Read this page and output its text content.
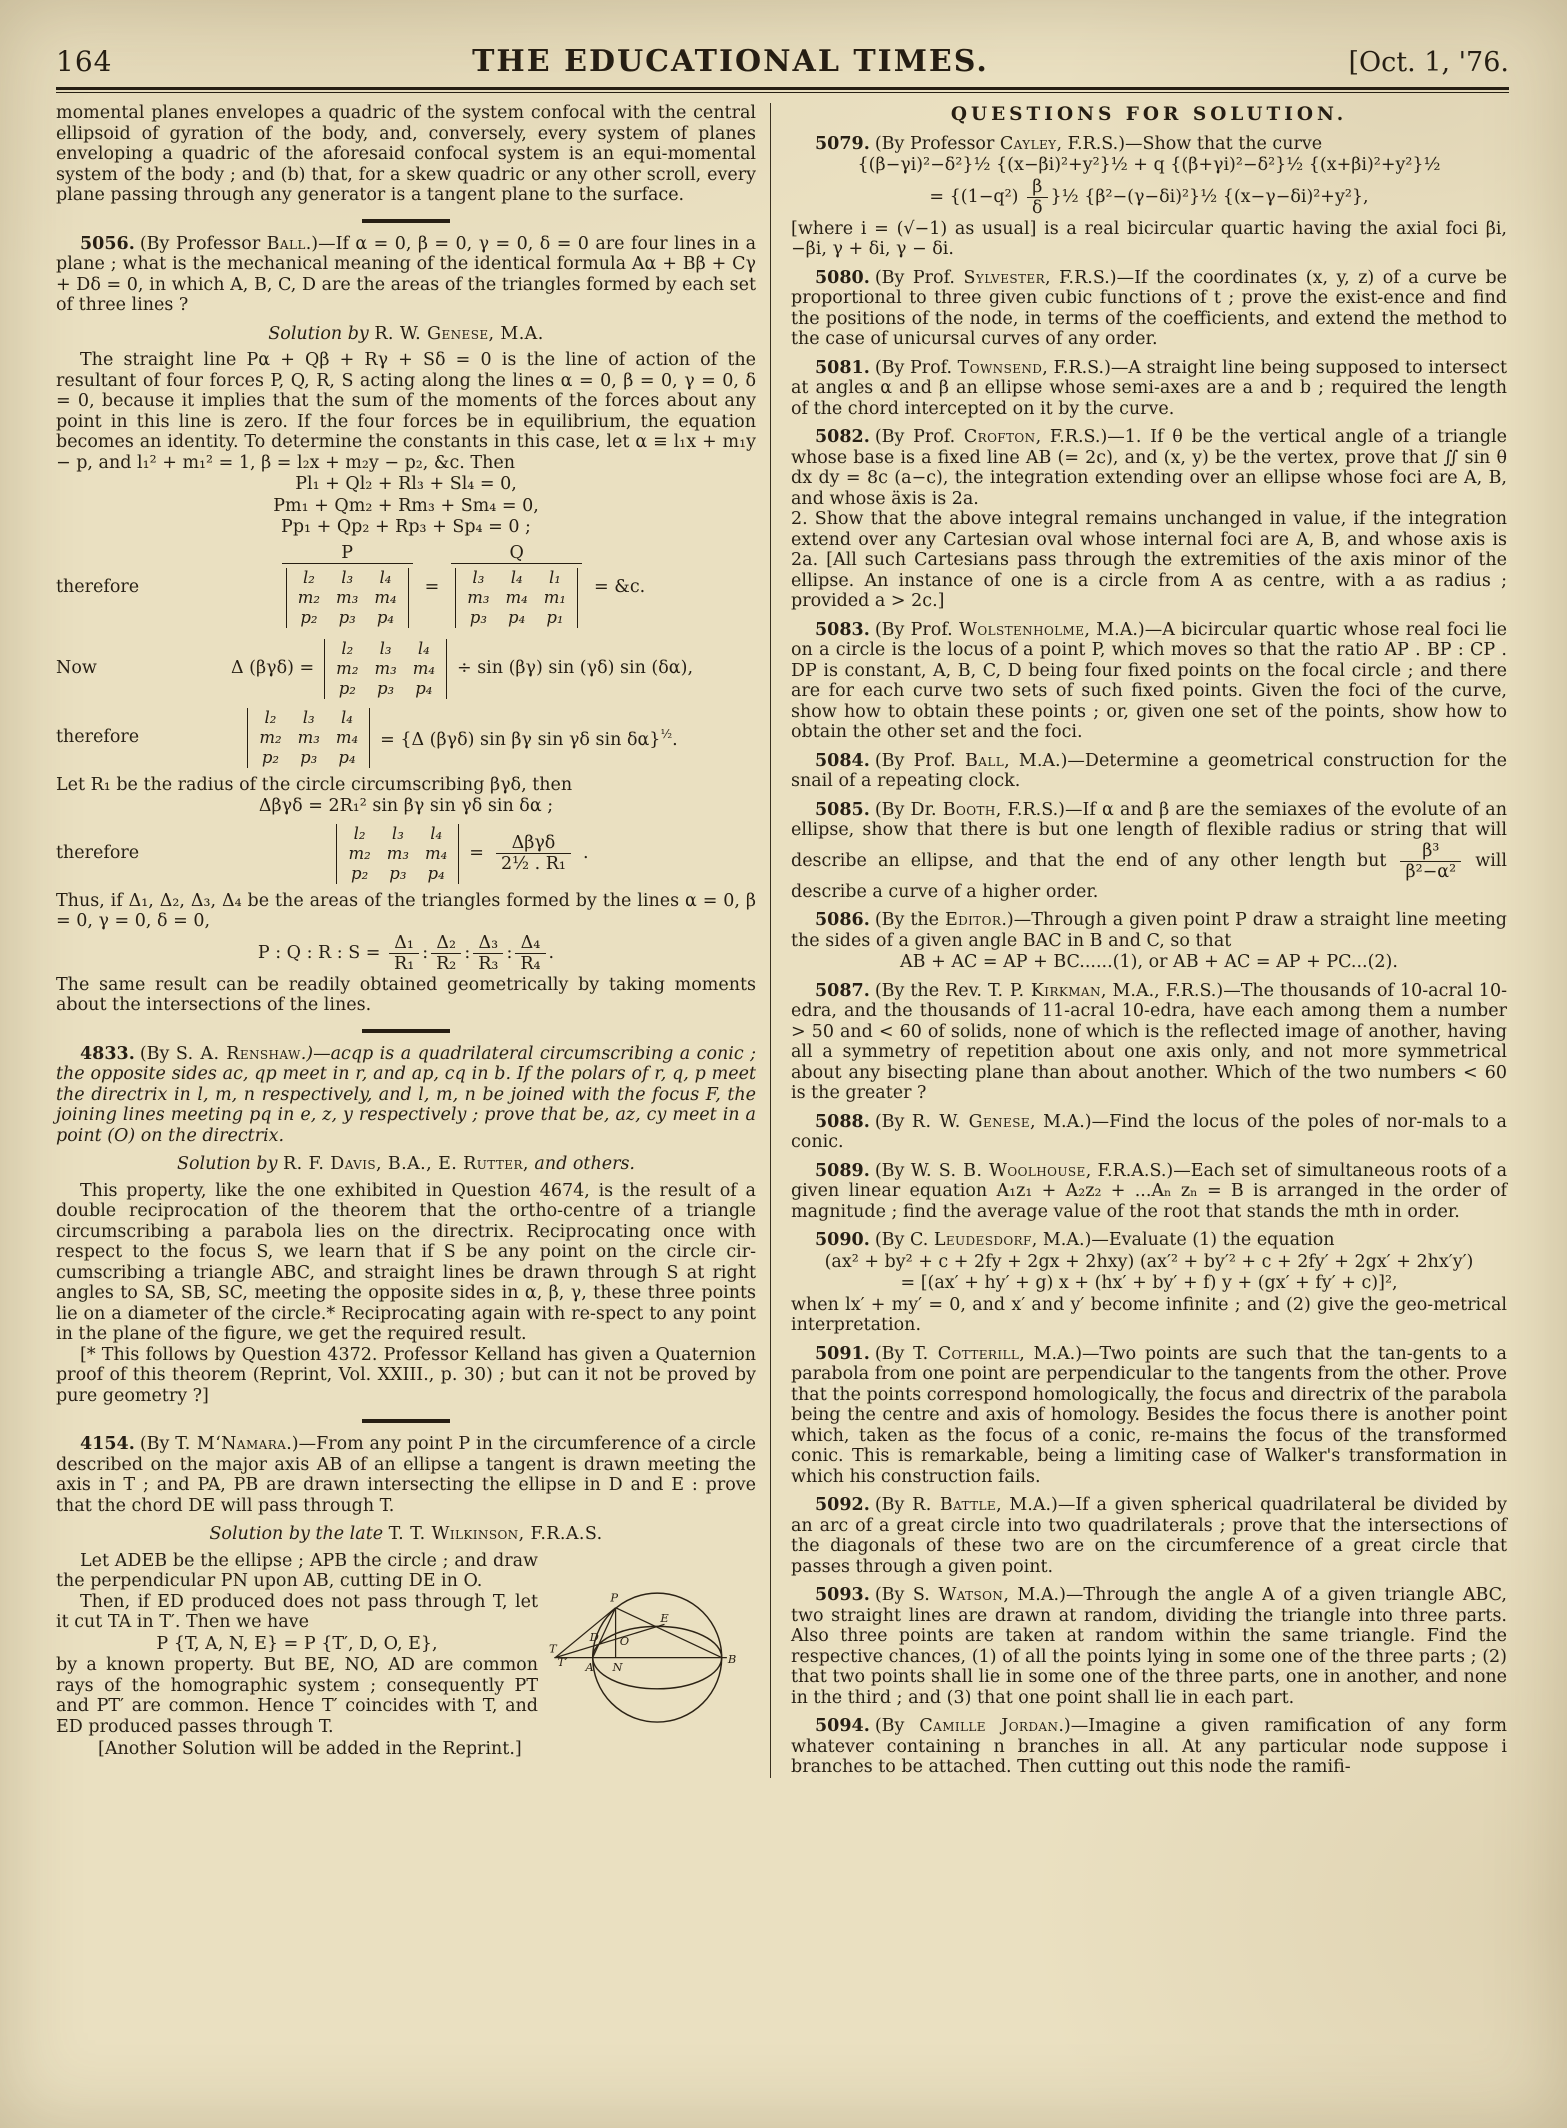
164	THE EDUCATIONAL TIMES.	[Oct. 1, '76.

momental planes envelopes a quadric of the system confocal with the central ellipsoid of gyration of the body, and, conversely, every system of planes enveloping a quadric of the aforesaid confocal system is an equi-momental system of the body ; and (b) that, for a skew quadric or any other scroll, every plane passing through any generator is a tangent plane to the surface.

5056. (By Professor Ball.)—If α = 0, β = 0, γ = 0, δ = 0 are four lines in a plane ; what is the mechanical meaning of the identical formula Aα + Bβ + Cγ + Dδ = 0, in which A, B, C, D are the areas of the triangles formed by each set of three lines ?

Solution by R. W. Genese, M.A.

The straight line Pα + Qβ + Rγ + Sδ = 0 is the line of action of the resultant of four forces P, Q, R, S acting along the lines α = 0, β = 0, γ = 0, δ = 0, because it implies that the sum of the moments of the forces about any point in this line is zero. If the four forces be in equilibrium, the equation becomes an identity. To determine the constants in this case, let α ≡ l₁x + m₁y − p, and l₁² + m₁² = 1, β = l₂x + m₂y − p₂, &c. Then

Pl₁ + Ql₂ + Rl₃ + Sl₄ = 0,
Pm₁ + Qm₂ + Rm₃ + Sm₄ = 0,
Pp₁ + Qp₂ + Rp₃ + Sp₄ = 0 ;
therefore	P
l₂	l₃	l₄
m₂	m₃	m₄
p₂	p₃	p₄ = Q
l₃	l₄	l₁
m₃	m₄	m₁
p₃	p₄	p₁ = &c.
Now	Δ (βγδ) =
l₂	l₃	l₄
m₂	m₃	m₄
p₂	p₃	p₄
÷ sin (βγ) sin (γδ) sin (δα),
therefore
l₂	l₃	l₄
m₂	m₃	m₄
p₂	p₃	p₄
= {Δ (βγδ) sin βγ sin γδ sin δα}$^{\frac{1}{2}}$.

Let R₁ be the radius of the circle circumscribing βγδ, then

Δβγδ = 2R₁² sin βγ sin γδ sin δα ;
therefore
l₂	l₃	l₄
m₂	m₃	m₄
p₂	p₃	p₄
= $\frac{\text{Δβγδ}}{\text{2½ . R₁}}$ .

Thus, if Δ₁, Δ₂, Δ₃, Δ₄ be the areas of the triangles formed by the lines α = 0, β = 0, γ = 0, δ = 0,

P : Q : R : $S = \frac{\text{Δ₁}}{\text{R₁}}$ : $\frac{\text{Δ₂}}{\text{R₂}}$ : $\frac{\text{Δ₃}}{\text{R₃}}$ : $\frac{\text{Δ₄}}{\text{R₄}}$ .

The same result can be readily obtained geometrically by taking moments about the intersections of the lines.

4833. (By S. A. Renshaw.)—acqp is a quadrilateral circumscribing a conic ; the opposite sides ac, qp meet in r, and ap, cq in b. If the polars of r, q, p meet the directrix in l, m, n respectively, and l, m, n be joined with the focus F, the joining lines meeting pq in e, z, y respectively ; prove that be, az, cy meet in a point (O) on the directrix.

Solution by R. F. Davis, B.A., E. Rutter, and others.

This property, like the one exhibited in Question 4674, is the result of a double reciprocation of the theorem that the ortho-centre of a triangle circumscribing a parabola lies on the directrix. Reciprocating once with respect to the focus S, we learn that if S be any point on the circle cir-cumscribing a triangle ABC, and straight lines be drawn through S at right angles to SA, SB, SC, meeting the opposite sides in α, β, γ, these three points lie on a diameter of the circle.* Reciprocating again with re-spect to any point in the plane of the figure, we get the required result.

[* This follows by Question 4372. Professor Kelland has given a Quaternion proof of this theorem (Reprint, Vol. XXIII., p. 30) ; but can it not be proved by pure geometry ?]

4154. (By T. M‘Namara.)—From any point P in the circumference of a circle described on the major axis AB of an ellipse a tangent is drawn meeting the axis in T ; and PA, PB are drawn intersecting the ellipse in D and E : prove that the chord DE will pass through T.

Solution by the late T. T. Wilkinson, F.R.A.S.

P
E
B
A N
O
D
T
T′

Let ADEB be the ellipse ; APB the circle ; and draw the perpendicular PN upon AB, cutting DE in O.

Then, if ED produced does not pass through T, let it cut TA in T′. Then we have

P {T, A, N, E} = P {T′, D, O, E},

by a known property. But BE, NO, AD are common rays of the homographic system ; consequently PT and PT′ are common. Hence T′ coincides with T, and ED produced passes through T.

[Another Solution will be added in the Reprint.]

QUESTIONS FOR SOLUTION.

5079. (By Professor Cayley, F.R.S.)—Show that the curve

{(β−γi)²−δ²}½ {(x−βi)²+y²}½ + q {(β+γi)²−δ²}½ {(x+βi)²+y²}½
= {$(1-q^2) \frac{\beta}{\delta}$ }½ {β²−(γ−δi)²}½ {(x−γ−δi)²+y²},

[where i = (√−1) as usual] is a real bicircular quartic having the axial foci βi, −βi, γ + δi, γ − δi.

5080. (By Prof. Sylvester, F.R.S.)—If the coordinates (x, y, z) of a curve be proportional to three given cubic functions of t ; prove the exist-ence and find the positions of the node, in terms of the coefficients, and extend the method to the case of unicursal curves of any order.

5081. (By Prof. Townsend, F.R.S.)—A straight line being supposed to intersect at angles α and β an ellipse whose semi-axes are a and b ; required the length of the chord intercepted on it by the curve.

5082. (By Prof. Crofton, F.R.S.)—1. If θ be the vertical angle of a triangle whose base is a fixed line AB (= 2c), and (x, y) be the vertex, prove that ∬ sin θ dx dy = 8c (a−c), the integration extending over an ellipse whose foci are A, B, and whose äxis is 2a.

2. Show that the above integral remains unchanged in value, if the integration extend over any Cartesian oval whose internal foci are A, B, and whose axis is 2a. [All such Cartesians pass through the extremities of the axis minor of the ellipse. An instance of one is a circle from A as centre, with a as radius ; provided a > 2c.]

5083. (By Prof. Wolstenholme, M.A.)—A bicircular quartic whose real foci lie on a circle is the locus of a point P, which moves so that the ratio AP . BP : CP . DP is constant, A, B, C, D being four fixed points on the focal circle ; and there are for each curve two sets of such fixed points. Given the foci of the curve, show how to obtain these points ; or, given one set of the points, show how to obtain the other set and the foci.

5084. (By Prof. Ball, M.A.)—Determine a geometrical construction for the snail of a repeating clock.

5085. (By Dr. Booth, F.R.S.)—If α and β are the semiaxes of the evolute of an ellipse, show that there is but one length of flexible radius or string that will describe an ellipse, and that the end of any other length but $\frac{\text{β³}}{\text{β²−α²}}$ will describe a curve of a higher order.

5086. (By the Editor.)—Through a given point P draw a straight line meeting the sides of a given angle BAC in B and C, so that

AB + AC = AP + BC......(1), or AB + AC = AP + PC...(2).

5087. (By the Rev. T. P. Kirkman, M.A., F.R.S.)—The thousands of 10-acral 10-edra, and the thousands of 11-acral 10-edra, have each among them a number > 50 and < 60 of solids, none of which is the reflected image of another, having all a symmetry of repetition about one axis only, and not more symmetrical about any bisecting plane than about another. Which of the two numbers < 60 is the greater ?

5088. (By R. W. Genese, M.A.)—Find the locus of the poles of nor-mals to a conic.

5089. (By W. S. B. Woolhouse, F.R.A.S.)—Each set of simultaneous roots of a given linear equation A₁z₁ + A₂z₂ + ...Aₙ zₙ = B is arranged in the order of magnitude ; find the average value of the root that stands the mth in order.

5090. (By C. Leudesdorf, M.A.)—Evaluate (1) the equation

(ax² + by² + c + 2fy + 2gx + 2hxy) (ax′² + by′² + c + 2fy′ + 2gx′ + 2hx′y′)
= [(ax′ + hy′ + g) x + (hx′ + by′ + f) y + (gx′ + fy′ + c)]²,

when lx′ + my′ = 0, and x′ and y′ become infinite ; and (2) give the geo-metrical interpretation.

5091. (By T. Cotterill, M.A.)—Two points are such that the tan-gents to a parabola from one point are perpendicular to the tangents from the other. Prove that the points correspond homologically, the focus and directrix of the parabola being the centre and axis of homology. Besides the focus there is another point which, taken as the focus of a conic, re-mains the focus of the transformed conic. This is remarkable, being a limiting case of Walker's transformation in which his construction fails.

5092. (By R. Battle, M.A.)—If a given spherical quadrilateral be divided by an arc of a great circle into two quadrilaterals ; prove that the intersections of the diagonals of these two are on the circumference of a great circle that passes through a given point.

5093. (By S. Watson, M.A.)—Through the angle A of a given triangle ABC, two straight lines are drawn at random, dividing the triangle into three parts. Also three points are taken at random within the same triangle. Find the respective chances, (1) of all the points lying in some one of the three parts ; (2) that two points shall lie in some one of the three parts, one in another, and none in the third ; and (3) that one point shall lie in each part.

5094. (By Camille Jordan.)—Imagine a given ramification of any form whatever containing n branches in all. At any particular node suppose i branches to be attached. Then cutting out this node the ramifi-
